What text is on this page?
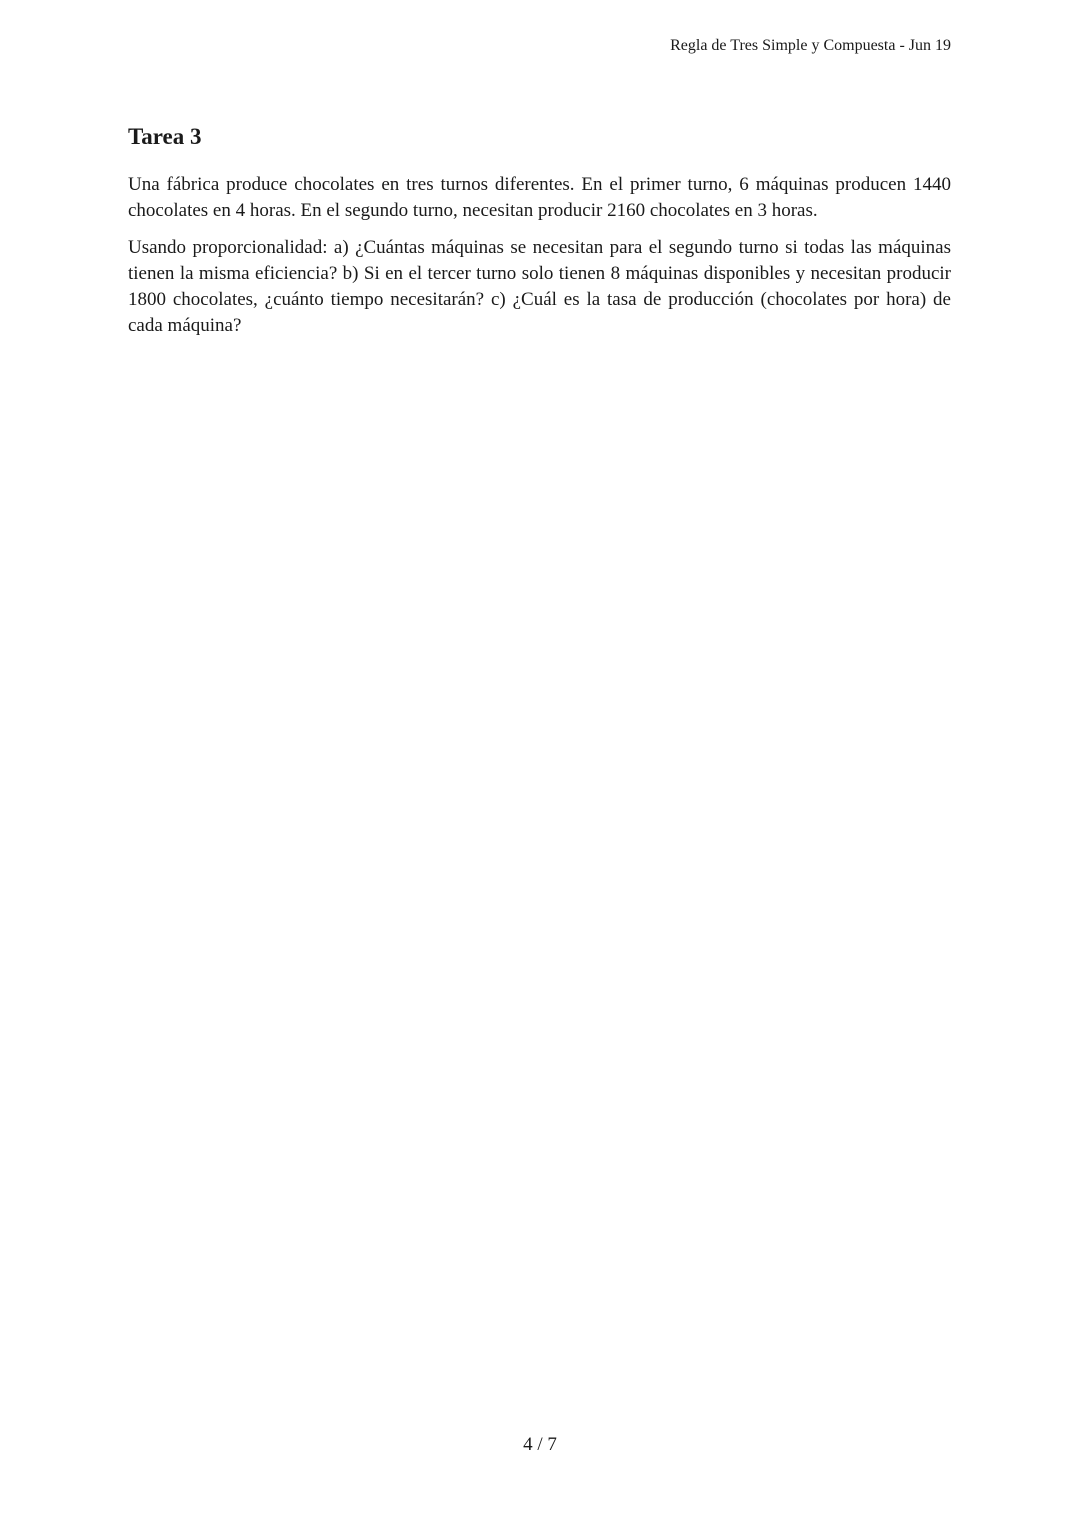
Regla de Tres Simple y Compuesta - Jun 19
Tarea 3

Una fábrica produce chocolates en tres turnos diferentes. En el primer turno, 6 máquinas producen 1440 chocolates en 4 horas. En el segundo turno, necesitan producir 2160 chocolates en 3 horas.

Usando proporcionalidad: a) ¿Cuántas máquinas se necesitan para el segundo turno si todas las máquinas tienen la misma eficiencia? b) Si en el tercer turno solo tienen 8 máquinas disponibles y necesitan producir 1800 chocolates, ¿cuánto tiempo necesitarán? c) ¿Cuál es la tasa de producción (chocolates por hora) de cada máquina?

4 / 7
